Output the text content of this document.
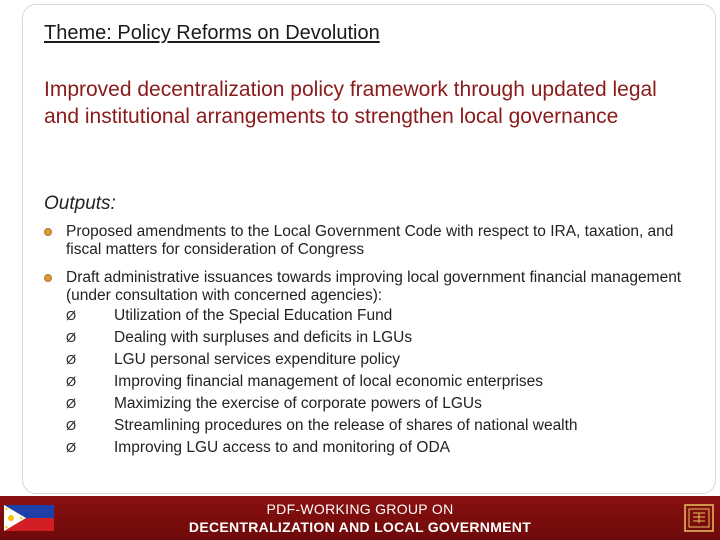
Theme: Policy Reforms on Devolution
Improved decentralization policy framework through updated legal and institutional arrangements to strengthen local governance
Outputs:
Proposed amendments to the Local Government Code with respect to IRA, taxation, and fiscal matters for consideration of Congress
Draft administrative issuances towards improving local government financial management (under consultation with concerned agencies):
Ø Utilization of the Special Education Fund
Ø Dealing with surpluses and deficits in LGUs
Ø LGU personal services expenditure policy
Ø Improving financial management of local economic enterprises
Ø Maximizing the exercise of corporate powers of LGUs
Ø Streamlining procedures on the release of shares of national wealth
Ø Improving LGU access to and monitoring of ODA
PDF-WORKING GROUP ON
DECENTRALIZATION AND LOCAL GOVERNMENT
